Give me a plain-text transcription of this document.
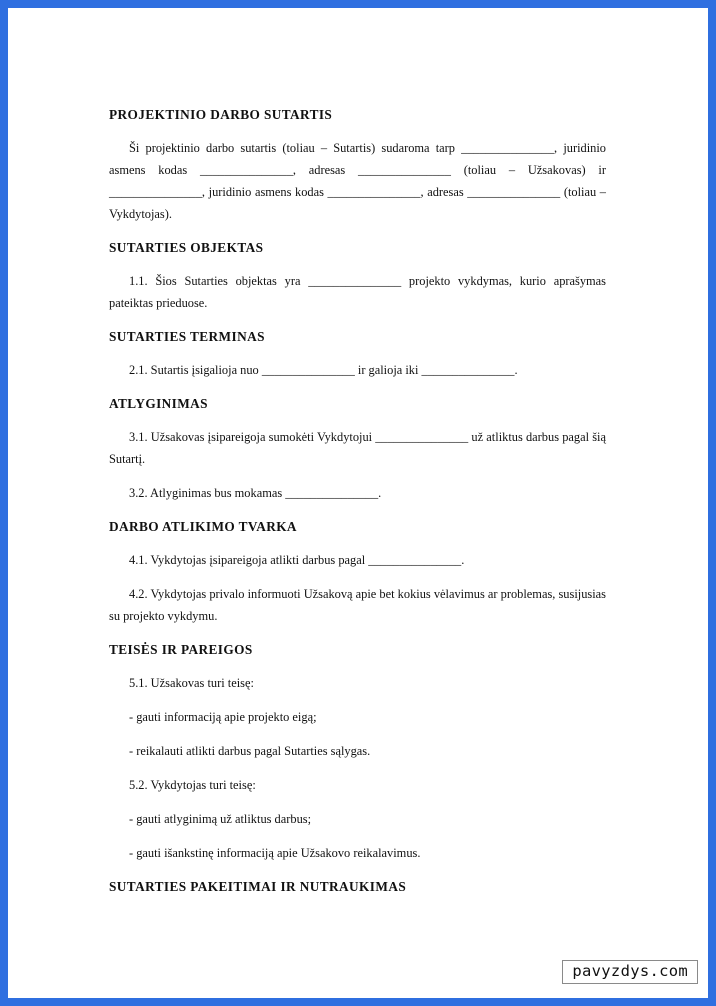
PROJEKTINIO DARBO SUTARTIS

Ši projektinio darbo sutartis (toliau – Sutartis) sudaroma tarp _______________, juridinio asmens kodas _______________, adresas _______________ (toliau – Užsakovas) ir _______________, juridinio asmens kodas _______________, adresas _______________ (toliau – Vykdytojas).

SUTARTIES OBJEKTAS

1.1. Šios Sutarties objektas yra _______________ projekto vykdymas, kurio aprašymas pateiktas prieduose.

SUTARTIES TERMINAS

2.1. Sutartis įsigalioja nuo _______________ ir galioja iki _______________.

ATLYGINIMAS

3.1. Užsakovas įsipareigoja sumokėti Vykdytojui _______________ už atliktus darbus pagal šią Sutartį.

3.2. Atlyginimas bus mokamas _______________.

DARBO ATLIKIMO TVARKA

4.1. Vykdytojas įsipareigoja atlikti darbus pagal _______________.

4.2. Vykdytojas privalo informuoti Užsakovą apie bet kokius vėlavimus ar problemas, susijusias su projekto vykdymu.

TEISĖS IR PAREIGOS

5.1. Užsakovas turi teisę:

- gauti informaciją apie projekto eigą;

- reikalauti atlikti darbus pagal Sutarties sąlygas.

5.2. Vykdytojas turi teisę:

- gauti atlyginimą už atliktus darbus;

- gauti išankstinę informaciją apie Užsakovo reikalavimus.

SUTARTIES PAKEITIMAI IR NUTRAUKIMAS
pavyzdys.com
